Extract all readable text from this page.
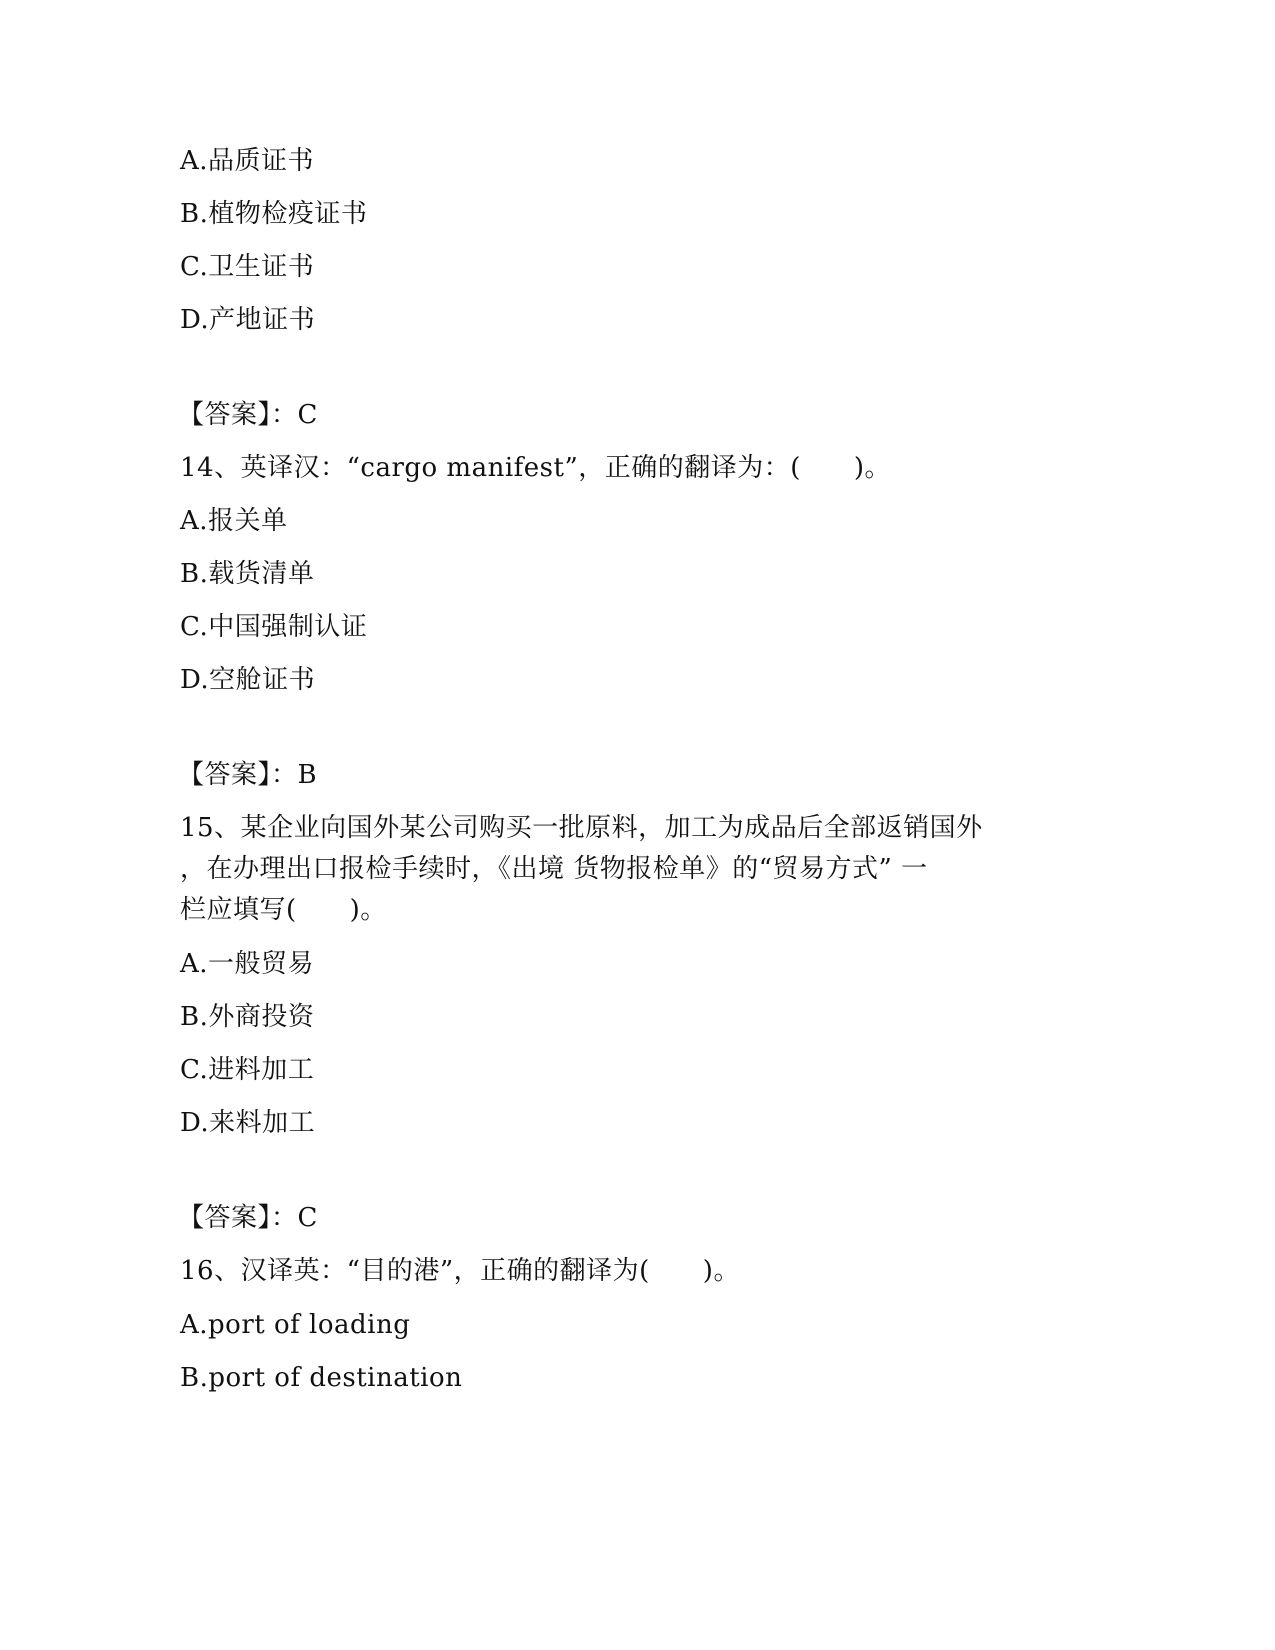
A.品质证书
B.植物检疫证书
C.卫生证书
D.产地证书
【答案】：C
14、英译汉：“cargo manifest”，正确的翻译为：(　　)。
A.报关单
B.载货清单
C.中国强制认证
D.空舱证书
【答案】：B
15、某企业向国外某公司购买一批原料，加工为成品后全部返销国外
，在办理出口报检手续时，《出境 货物报检单》的“贸易方式” 一
栏应填写(　　)。
A.一般贸易
B.外商投资
C.进料加工
D.来料加工
【答案】：C
16、汉译英：“目的港”，正确的翻译为(　　)。
A.port of loading
B.port of destination
